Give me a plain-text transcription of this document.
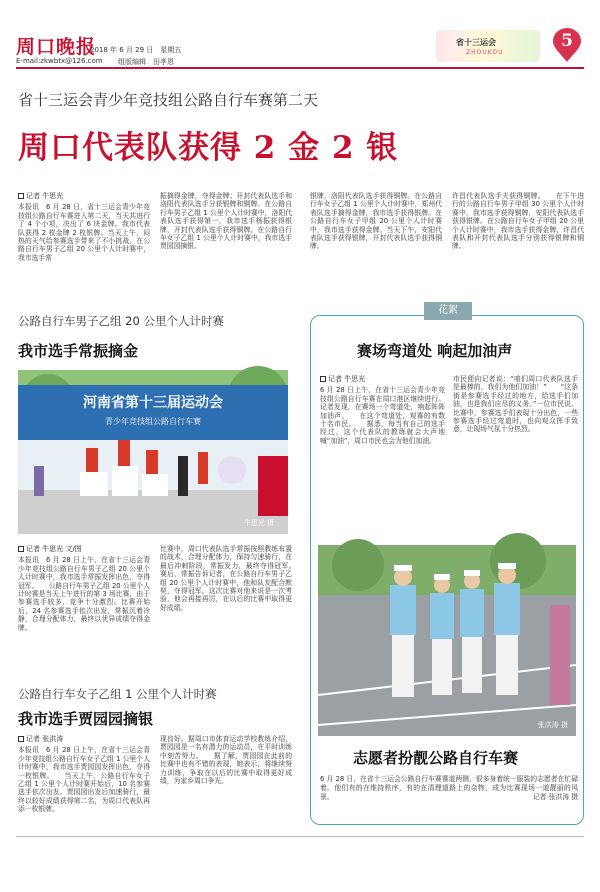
周口晚报
2018 年 6 月 29 日　星期五
E-mail:zkwbtx@126.com 组版编辑　田孝恩
省十三运会
ZHOUKOU
5
省十三运会青少年竞技组公路自行车赛第二天
周口代表队获得 2 金 2 银
记者 牛思光
本报讯　6 月 28 日，省十三运会青少年竞技组公路自行车赛进入第二天，当天共进行了 4 个小项，决出了 6 块金牌。我市代表队获得 2 枚金牌 2 枚银牌。当天上午，闷热的天气给参赛选手带来了不小挑战，在公路自行车男子乙组 20 公里个人计时赛中，我市选手常
振摘得金牌，夺得金牌；开封代表队选手和洛阳代表队选手分获银牌和铜牌。在公路自行车男子乙组 1 公里个人计时赛中，洛阳代表队选手获得第一，我市选手杨振获得银牌，开封代表队选手获得铜牌。在公路自行车女子乙组 1 公里个人计时赛中，我市选手贾园园摘银。
银牌，洛阳代表队选手获得铜牌。在公路自行车女子乙组 1 公里个人计时赛中，郑州代表队选手摘得金牌，我市选手获得银牌。在公路自行车女子甲组 20 公里个人计时赛中，我市选手获得金牌。当天下午，安阳代表队选手获得银牌，开封代表队选手获得铜牌。
许昌代表队选手夫获得铜牌。　　在下午进行的公路自行车男子甲组 30 公里个人计时赛中，我市选手获得铜牌，安阳代表队选手获得银牌。在公路自行车女子甲组 20 公里个人计时赛中，我市选手获得金牌，许昌代表队和开封代表队选手分别获得银牌和铜牌。
公路自行车男子乙组 20 公里个人计时赛
我市选手常振摘金
河南省第十三届运动会
青少年竞技组公路自行车赛
牛思光 摄
记者 牛思光 文/图
本报讯　6 月 28 日上午，在省十三运会青少年竞技组公路自行车男子乙组 20 公里个人计时赛中，我市选手常振发挥出色，夺得冠军。　　公路自行车男子乙组 20 公里个人计时赛是当天上午进行的第 3 场比赛，由于参赛选手较多，竞争十分激烈。比赛开始后，24 名参赛选手依次出发，常振沉着冷静，合理分配体力，最终以优异成绩夺得金牌。
比赛中，周口代表队选手常振按照教练布置的战术，合理分配体力，保持匀速骑行，在最后冲刺阶段，常振发力，最终夺得冠军。　　赛后，常振告诉记者，在公路自行车男子乙组 20 公里个人计时赛中，他和队友配合默契，夺得冠军。这次比赛对他来说是一次考验，他会再接再厉，在以后的比赛中取得更好成绩。
公路自行车女子乙组 1 公里个人计时赛
我市选手贾园园摘银
记者 张洪涛
本报讯　6 月 28 日上午，在省十三运会青少年竞技组公路自行车女子乙组 1 公里个人计时赛中，我市选手贾园园发挥出色，夺得一枚银牌。　　当天上午，公路自行车女子乙组 1 公里个人计时赛开始后，10 名参赛选手依次出发。贾园园出发后加速骑行，最终以较好成绩获得第二名，为周口代表队再添一枚银牌。
现良好。据周口市体育运动学校教练介绍，贾园园是一名有潜力的运动员，在平时训练中刻苦努力。　　据了解，贾园园在此前的比赛中也有不错的表现，她表示，将继续努力训练，争取在以后的比赛中取得更好成绩，为家乡周口争光。
花絮
赛场弯道处 响起加油声
记者 牛思光
6 月 28 日上午，在省十三运会青少年竞技组公路自行车赛在周口港区继续进行。记者发现，在赛场一个弯道处，响起阵阵加油声。　　在这个弯道处，观赛的有数十名市民。　　据悉，每当有自己的选手经过，这个代表队的教练就会大声地喊“加油”，周口市民也会为他们加油。
市民便向记者说：“咱们周口代表队选手是最棒的，我们为他们加油！”　　“这条街是参赛选手经过的地方，给选手们加油，也是我们应尽的义务。”一位市民说。比赛中，参赛选手们表现十分出色，一些参赛选手经过弯道时，也向观众挥手致意，让现场气氛十分热烈。
张洪涛 摄
志愿者扮靓公路自行车赛
6 月 28 日，在省十三运会公路自行车赛赛道两侧，很多身着统一服装的志愿者在忙碌着。他们有的在维持秩序，有的在清理道路上的杂物，成为比赛现场一道靓丽的风景。	记者 张洪涛 摄
